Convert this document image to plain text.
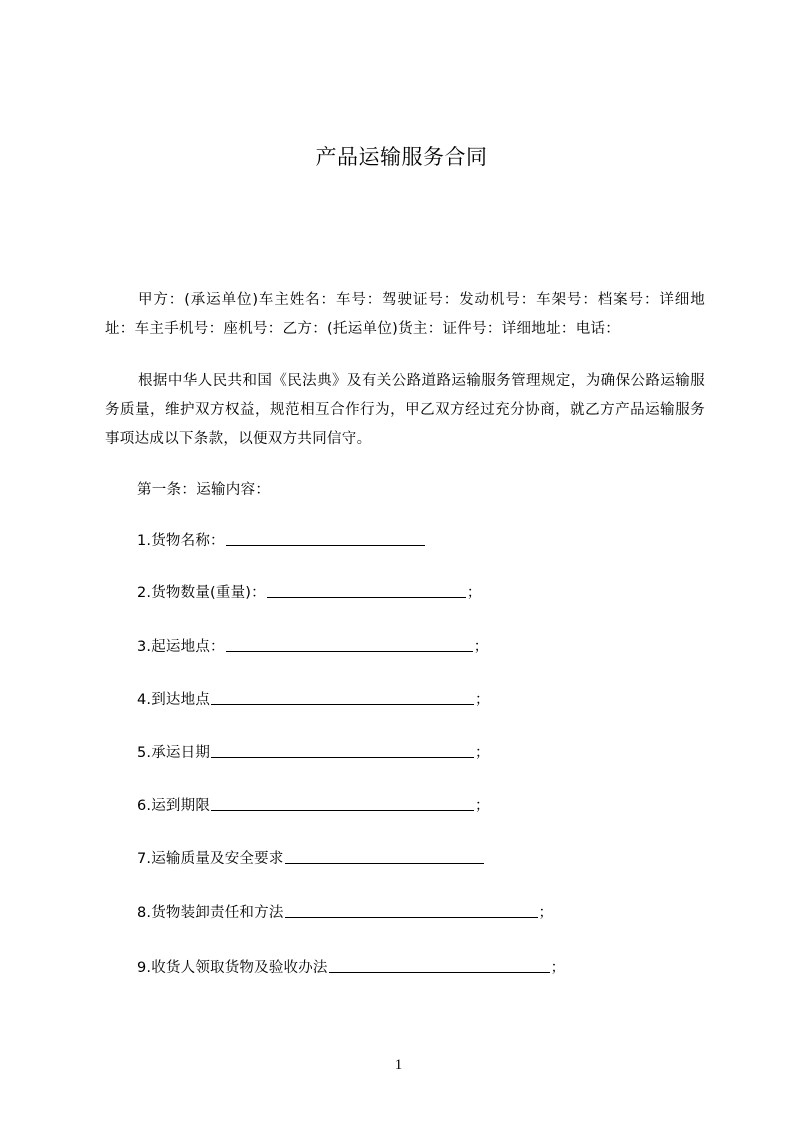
产品运输服务合同
甲方：(承运单位)车主姓名：车号：驾驶证号：发动机号：车架号：档案号：详细地址：车主手机号：座机号：乙方：(托运单位)货主：证件号：详细地址：电话：
根据中华人民共和国《民法典》及有关公路道路运输服务管理规定，为确保公路运输服务质量，维护双方权益，规范相互合作行为，甲乙双方经过充分协商，就乙方产品运输服务事项达成以下条款，以便双方共同信守。
第一条：运输内容：
1.货物名称：
2.货物数量(重量)：	；
3.起运地点：	；
4.到达地点	；
5.承运日期	；
6.运到期限	；
7.运输质量及安全要求
8.货物装卸责任和方法	；
9.收货人领取货物及验收办法	；
1
